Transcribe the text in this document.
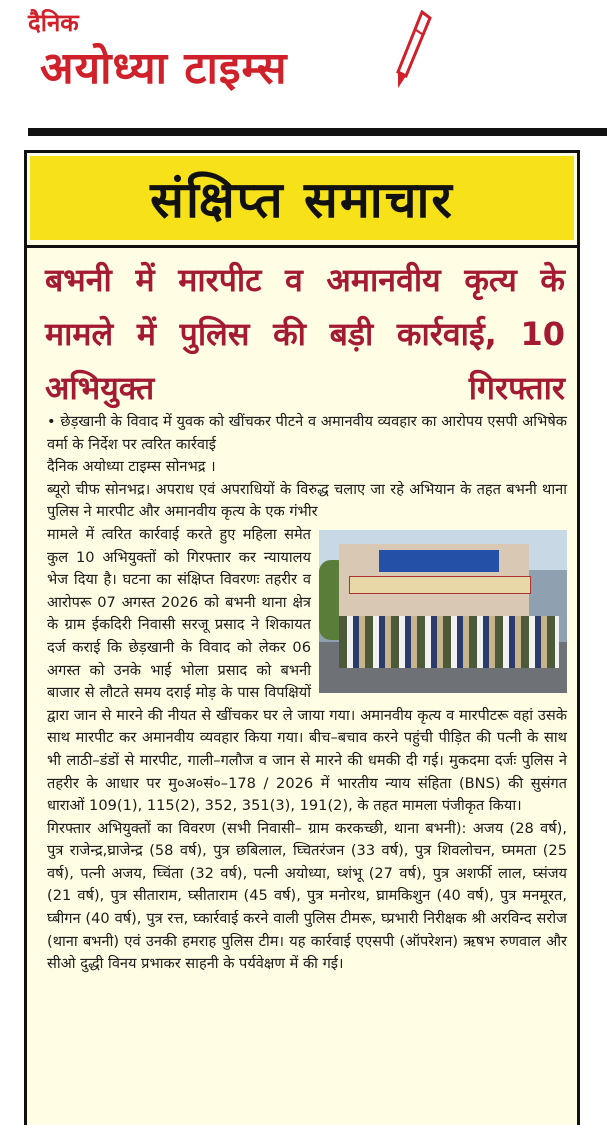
दैनिक
अयोध्या टाइम्स
संक्षिप्त समाचार
बभनी में मारपीट व अमानवीय कृत्य के मामले में पुलिस की बड़ी कार्रवाई, 10 अभियुक्त गिरफ्तार

• छेड़खानी के विवाद में युवक को खींचकर पीटने व अमानवीय व्यवहार का आरोपय एसपी अभिषेक वर्मा के निर्देश पर त्वरित कार्रवाई

दैनिक अयोध्या टाइम्स सोनभद्र ।

ब्यूरो चीफ सोनभद्र। अपराध एवं अपराधियों के विरुद्ध चलाए जा रहे अभियान के तहत बभनी थाना पुलिस ने मारपीट और अमानवीय कृत्य के एक गंभीर

मामले में त्वरित कार्रवाई करते हुए महिला समेत कुल 10 अभियुक्तों को गिरफ्तार कर न्यायालय भेज दिया है। घटना का संक्षिप्त विवरणः तहरीर व आरोपरू 07 अगस्त 2026 को बभनी थाना क्षेत्र के ग्राम ईकदिरी निवासी सरजू प्रसाद ने शिकायत दर्ज कराई कि छेड़खानी के विवाद को लेकर 06 अगस्त को उनके भाई भोला प्रसाद को बभनी बाजार से लौटते समय दराई मोड़ के पास विपक्षियों द्वारा जान से मारने की नीयत से खींचकर घर ले जाया गया। अमानवीय कृत्य व मारपीटरू वहां उसके साथ मारपीट कर अमानवीय व्यवहार किया गया। बीच–बचाव करने पहुंची पीड़ित की पत्नी के साथ भी लाठी–डंडों से मारपीट, गाली–गलौज व जान से मारने की धमकी दी गई। मुकदमा दर्जः पुलिस ने तहरीर के आधार पर मु०अ०सं०–178 / 2026 में भारतीय न्याय संहिता (BNS) की सुसंगत धाराओं 109(1), 115(2), 352, 351(3), 191(2), के तहत मामला पंजीकृत किया।

गिरफ्तार अभियुक्तों का विवरण (सभी निवासी– ग्राम करकच्छी, थाना बभनी): अजय (28 वर्ष), पुत्र राजेन्द्र,घ्राजेन्द्र (58 वर्ष), पुत्र छबिलाल, घ्चितरंजन (33 वर्ष), पुत्र शिवलोचन, घ्ममता (25 वर्ष), पत्नी अजय, घ्चिंता (32 वर्ष), पत्नी अयोध्या, घ्शंभू (27 वर्ष), पुत्र अशर्फी लाल, घ्संजय (21 वर्ष), पुत्र सीताराम, घ्सीताराम (45 वर्ष), पुत्र मनोरथ, घ्रामकिशुन (40 वर्ष), पुत्र मनमूरत, घ्बीगन (40 वर्ष), पुत्र रत्त, घ्कार्रवाई करने वाली पुलिस टीमरू, घ्प्रभारी निरीक्षक श्री अरविन्द सरोज (थाना बभनी) एवं उनकी हमराह पुलिस टीम। यह कार्रवाई एएसपी (ऑपरेशन) ऋषभ रुणवाल और सीओ दुद्धी विनय प्रभाकर साहनी के पर्यवेक्षण में की गई।
